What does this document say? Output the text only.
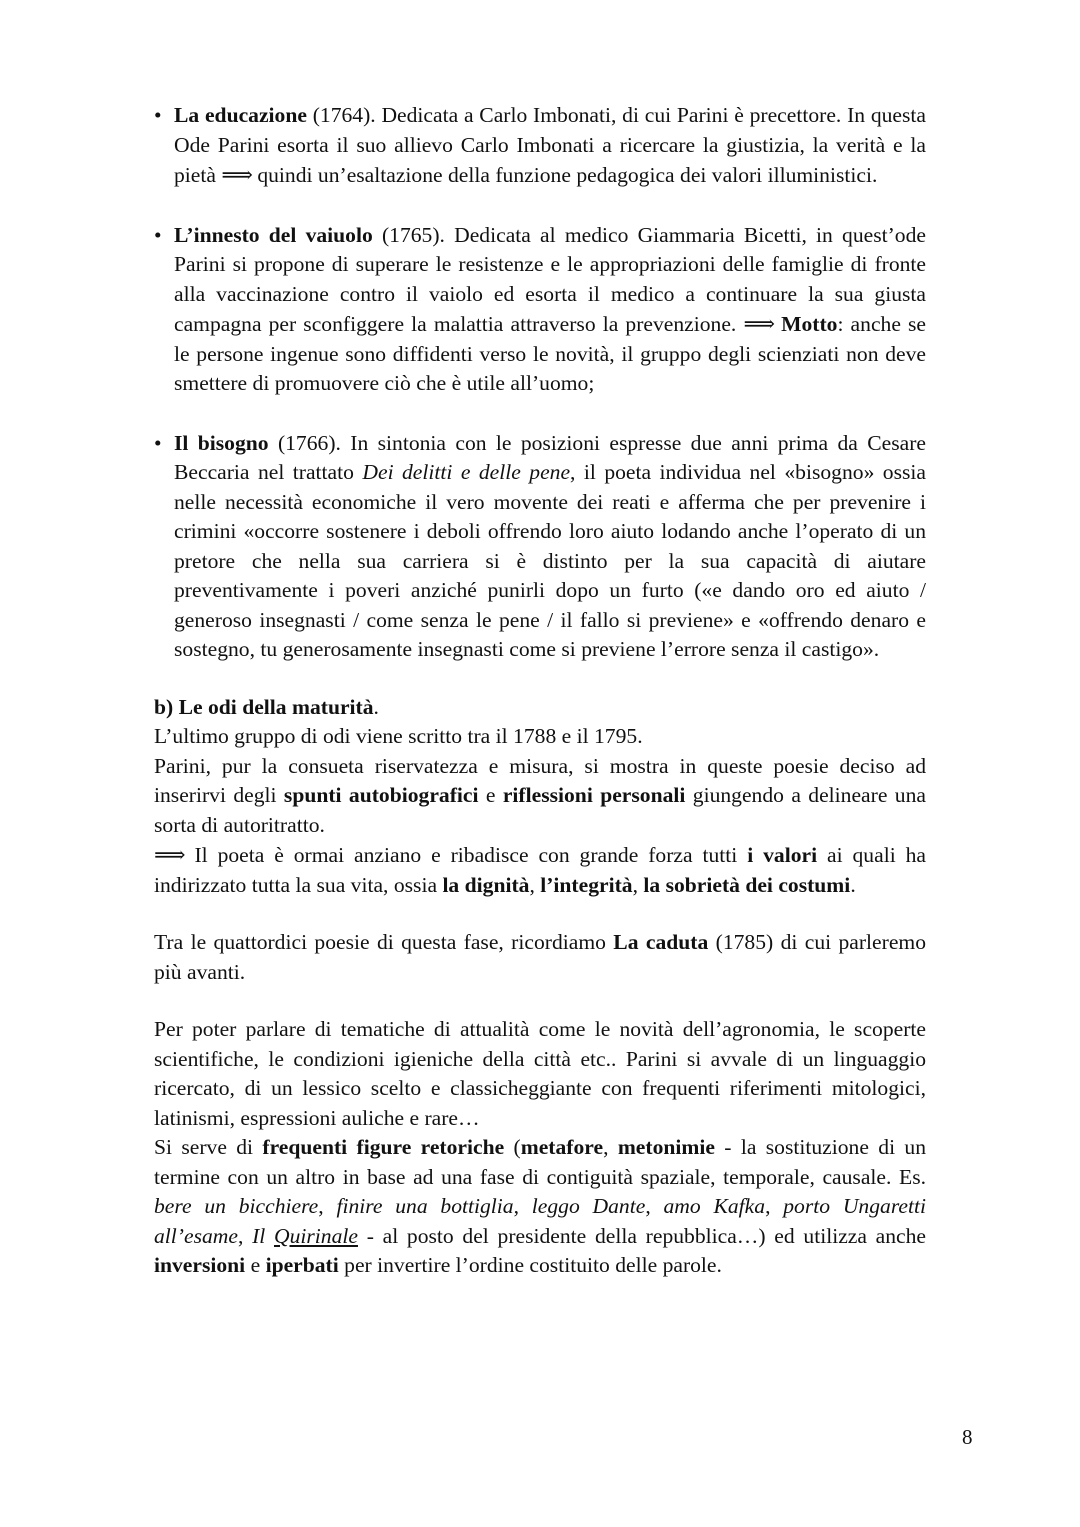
• La educazione (1764). Dedicata a Carlo Imbonati, di cui Parini è precettore. In questa Ode Parini esorta il suo allievo Carlo Imbonati a ricercare la giustizia, la verità e la pietà ⟹ quindi un’esaltazione della funzione pedagogica dei valori illuministici.

• L’innesto del vaiuolo (1765). Dedicata al medico Giammaria Bicetti, in quest’ode Parini si propone di superare le resistenze e le appropriazioni delle famiglie di fronte alla vaccinazione contro il vaiolo ed esorta il medico a continuare la sua giusta campagna per sconfiggere la malattia attraverso la prevenzione. ⟹ Motto: anche se le persone ingenue sono diffidenti verso le novità, il gruppo degli scienziati non deve smettere di promuovere ciò che è utile all’uomo;

• Il bisogno (1766). In sintonia con le posizioni espresse due anni prima da Cesare Beccaria nel trattato Dei delitti e delle pene, il poeta individua nel «bisogno» ossia nelle necessità economiche il vero movente dei reati e afferma che per prevenire i crimini «occorre sostenere i deboli offrendo loro aiuto lodando anche l’operato di un pretore che nella sua carriera si è distinto per la sua capacità di aiutare preventivamente i poveri anziché punirli dopo un furto («e dando oro ed aiuto / generoso insegnasti / come senza le pene / il fallo si previene» e «offrendo denaro e sostegno, tu generosamente insegnasti come si previene l’errore senza il castigo».

b) Le odi della maturità.

L’ultimo gruppo di odi viene scritto tra il 1788 e il 1795.

Parini, pur la consueta riservatezza e misura, si mostra in queste poesie deciso ad inserirvi degli spunti autobiografici e riflessioni personali giungendo a delineare una sorta di autoritratto.

⟹ Il poeta è ormai anziano e ribadisce con grande forza tutti i valori ai quali ha indirizzato tutta la sua vita, ossia la dignità, l’integrità, la sobrietà dei costumi.

Tra le quattordici poesie di questa fase, ricordiamo La caduta (1785) di cui parleremo più avanti.

Per poter parlare di tematiche di attualità come le novità dell’agronomia, le scoperte scientifiche, le condizioni igieniche della città etc.. Parini si avvale di un linguaggio ricercato, di un lessico scelto e classicheggiante con frequenti riferimenti mitologici, latinismi, espressioni auliche e rare…

Si serve di frequenti figure retoriche (metafore, metonimie - la sostituzione di un termine con un altro in base ad una fase di contiguità spaziale, temporale, causale. Es. bere un bicchiere, finire una bottiglia, leggo Dante, amo Kafka, porto Ungaretti all’esame, Il Quirinale - al posto del presidente della repubblica…) ed utilizza anche inversioni e iperbati per invertire l’ordine costituito delle parole.

8
